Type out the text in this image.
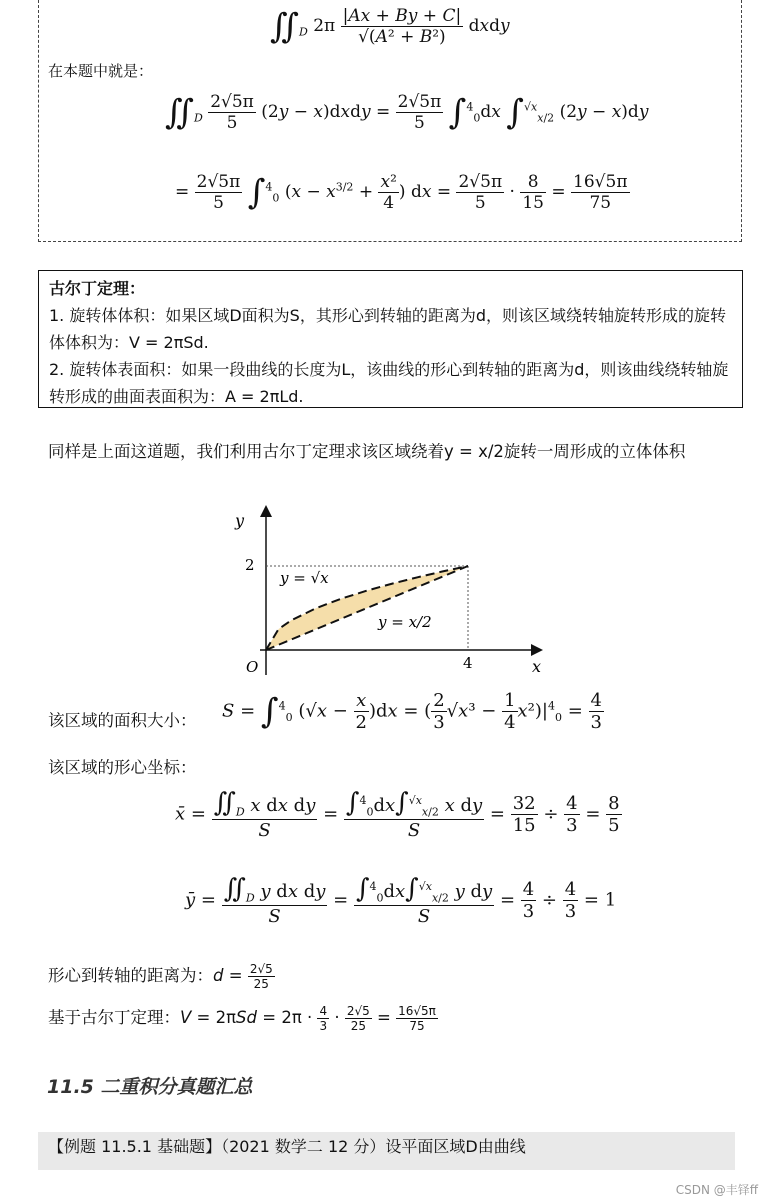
$∬_D$ $2\pi \frac{|Ax + By + C|}{\text{√(A² + B²)}}$ dxdy
在本题中就是：
$∬_D \frac{2√5\pi}{5} (2y$ − x)dxdy = $\frac{2√5\pi}{5} \int^4_0dx$ ∫$^{√x}_{x/2}$ (2y − x)dy
= $\frac{2√5\pi}{5} \int^4_0$ ($x - x^{3/2} + \frac{\text{x²}}{4}$ ) dx = $\frac{2√5\pi}{5} \cdot \frac{8}{15} = \frac{16√5\pi}{75}$
古尔丁定理：
1. 旋转体体积：如果区域D面积为S，其形心到转轴的距离为d，则该区域绕转轴旋转形成的旋转体体积为：V = 2πSd.
2. 旋转体表面积：如果一段曲线的长度为L，该曲线的形心到转轴的距离为d，则该曲线绕转轴旋转形成的曲面表面积为：A = 2πLd.
同样是上面这道题，我们利用古尔丁定理求该区域绕着y = x/2旋转一周形成的立体体积
y
x
O
2
4
y = √x
y = x/2
该区域的面积大小： S = ∫$^4_0$ $(√x - \frac{x}{2} )dx$ = ( $\frac{2}{3} √x^3 - \frac{1}{4} x^2)|^4_0 = \frac{4}{3}$
该区域的形心坐标：
x̄ = $\frac{∬_D x dx dy}{S} = \frac{\int^4_0dx\int^{√x}_{x/2} x dy}{S} = \frac{32}{15} \div \frac{4}{3} = \frac{8}{5}$
ȳ = $\frac{∬_D y dx dy}{S} = \frac{\int^4_0dx\int^{√x}_{x/2} y dy}{S} = \frac{4}{3} \div \frac{4}{3} = 1$
形心到转轴的距离为：$d = \frac{2√5}{25}$
基于古尔丁定理：$V = 2\pi Sd = 2\pi \cdot \frac{4}{3} \cdot \frac{2√5}{25} = \frac{16√5\pi}{75}$
11.5 二重积分真题汇总
【例题 11.5.1 基础题】（2021 数学二 12 分）设平面区域D由曲线
CSDN @丰铎ff
